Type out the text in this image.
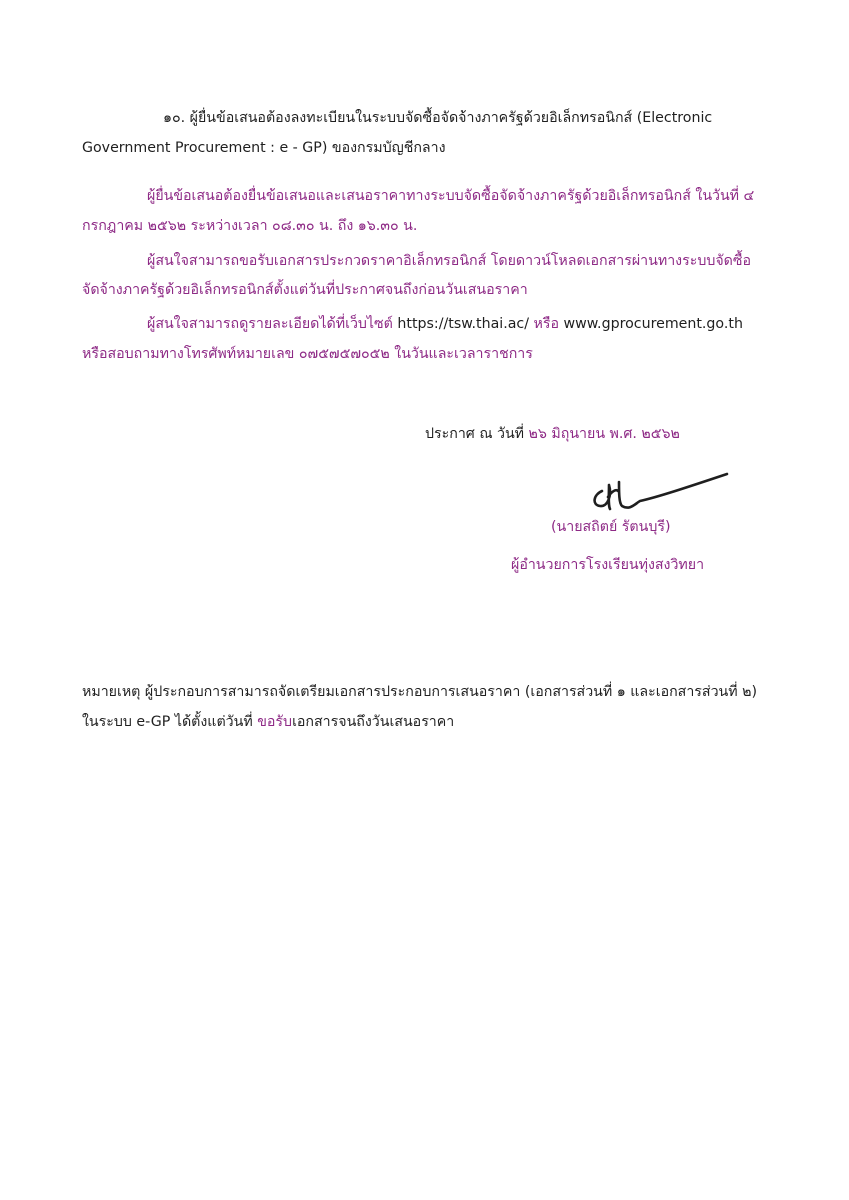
๑๐. ผู้ยื่นข้อเสนอต้องลงทะเบียนในระบบจัดซื้อจัดจ้างภาครัฐด้วยอิเล็กทรอนิกส์ (Electronic
Government Procurement : e - GP) ของกรมบัญชีกลาง
ผู้ยื่นข้อเสนอต้องยื่นข้อเสนอและเสนอราคาทางระบบจัดซื้อจัดจ้างภาครัฐด้วยอิเล็กทรอนิกส์ ในวันที่ ๔
กรกฎาคม ๒๕๖๒ ระหว่างเวลา ๐๘.๓๐ น. ถึง ๑๖.๓๐ น.
ผู้สนใจสามารถขอรับเอกสารประกวดราคาอิเล็กทรอนิกส์ โดยดาวน์โหลดเอกสารผ่านทางระบบจัดซื้อ
จัดจ้างภาครัฐด้วยอิเล็กทรอนิกส์ตั้งแต่วันที่ประกาศจนถึงก่อนวันเสนอราคา
ผู้สนใจสามารถดูรายละเอียดได้ที่เว็บไซต์ https://tsw.thai.ac/ หรือ www.gprocurement.go.th
หรือสอบถามทางโทรศัพท์หมายเลข ๐๗๕๗๕๗๐๕๒ ในวันและเวลาราชการ
ประกาศ ณ วันที่ ๒๖ มิถุนายน พ.ศ. ๒๕๖๒
(นายสถิตย์ รัตนบุรี)
ผู้อำนวยการโรงเรียนทุ่งสงวิทยา
หมายเหตุ ผู้ประกอบการสามารถจัดเตรียมเอกสารประกอบการเสนอราคา (เอกสารส่วนที่ ๑ และเอกสารส่วนที่ ๒)
ในระบบ e-GP ได้ตั้งแต่วันที่ ขอรับเอกสารจนถึงวันเสนอราคา
